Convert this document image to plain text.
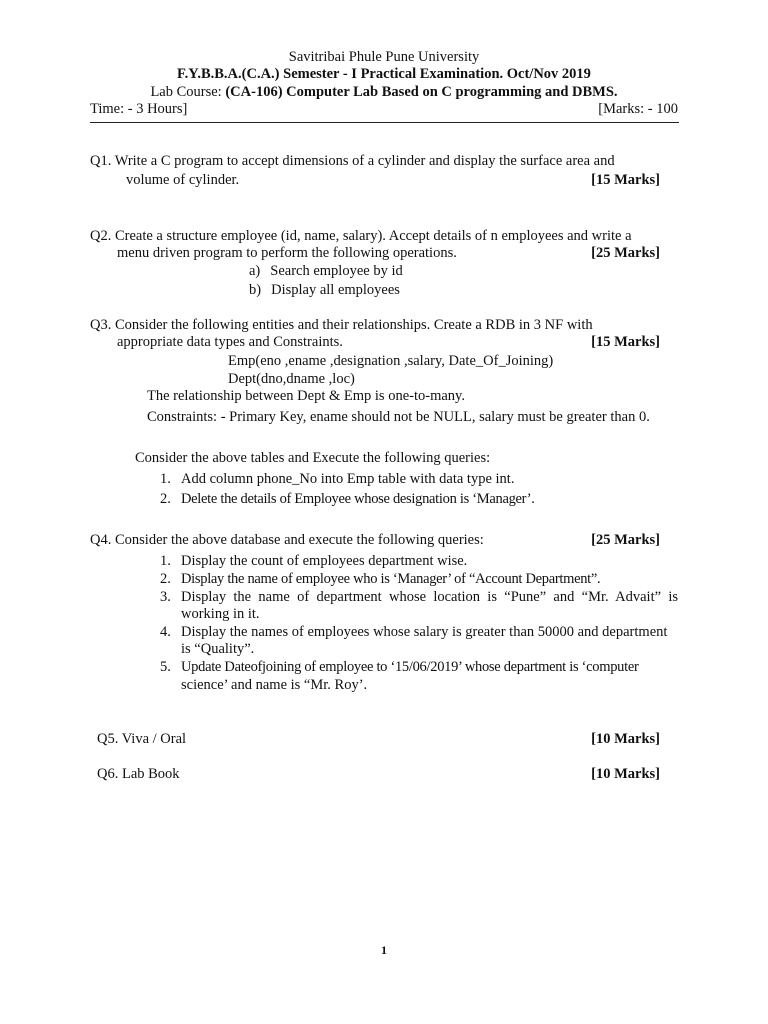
Savitribai Phule Pune University
F.Y.B.B.A.(C.A.) Semester - I Practical Examination. Oct/Nov 2019
Lab Course: (CA-106) Computer Lab Based on C programming and DBMS.
Time: - 3 Hours]	[Marks: - 100
Q1. Write a C program to accept dimensions of a cylinder and display the surface area and
volume of cylinder.	[15 Marks]
Q2. Create a structure employee (id, name, salary). Accept details of n employees and write a
menu driven program to perform the following operations.	[25 Marks]
a) Search employee by id
b) Display all employees
Q3. Consider the following entities and their relationships. Create a RDB in 3 NF with
appropriate data types and Constraints.	[15 Marks]
Emp(eno ,ename ,designation ,salary, Date_Of_Joining)
Dept(dno,dname ,loc)
The relationship between Dept & Emp is one-to-many.
Constraints: - Primary Key, ename should not be NULL, salary must be greater than 0.
Consider the above tables and Execute the following queries:
1. Add column phone_No into Emp table with data type int.
2. Delete the details of Employee whose designation is ‘Manager’.
Q4. Consider the above database and execute the following queries:	[25 Marks]
1. Display the count of employees department wise.
2. Display the name of employee who is ‘Manager’ of “Account Department”.
3. Display the name of department whose location is “Pune” and “Mr. Advait” is
working in it.
4. Display the names of employees whose salary is greater than 50000 and department
is “Quality”.
5. Update Dateofjoining of employee to ‘15/06/2019’ whose department is ‘computer
science’ and name is “Mr. Roy’.
Q5. Viva / Oral	[10 Marks]
Q6. Lab Book	[10 Marks]
1
